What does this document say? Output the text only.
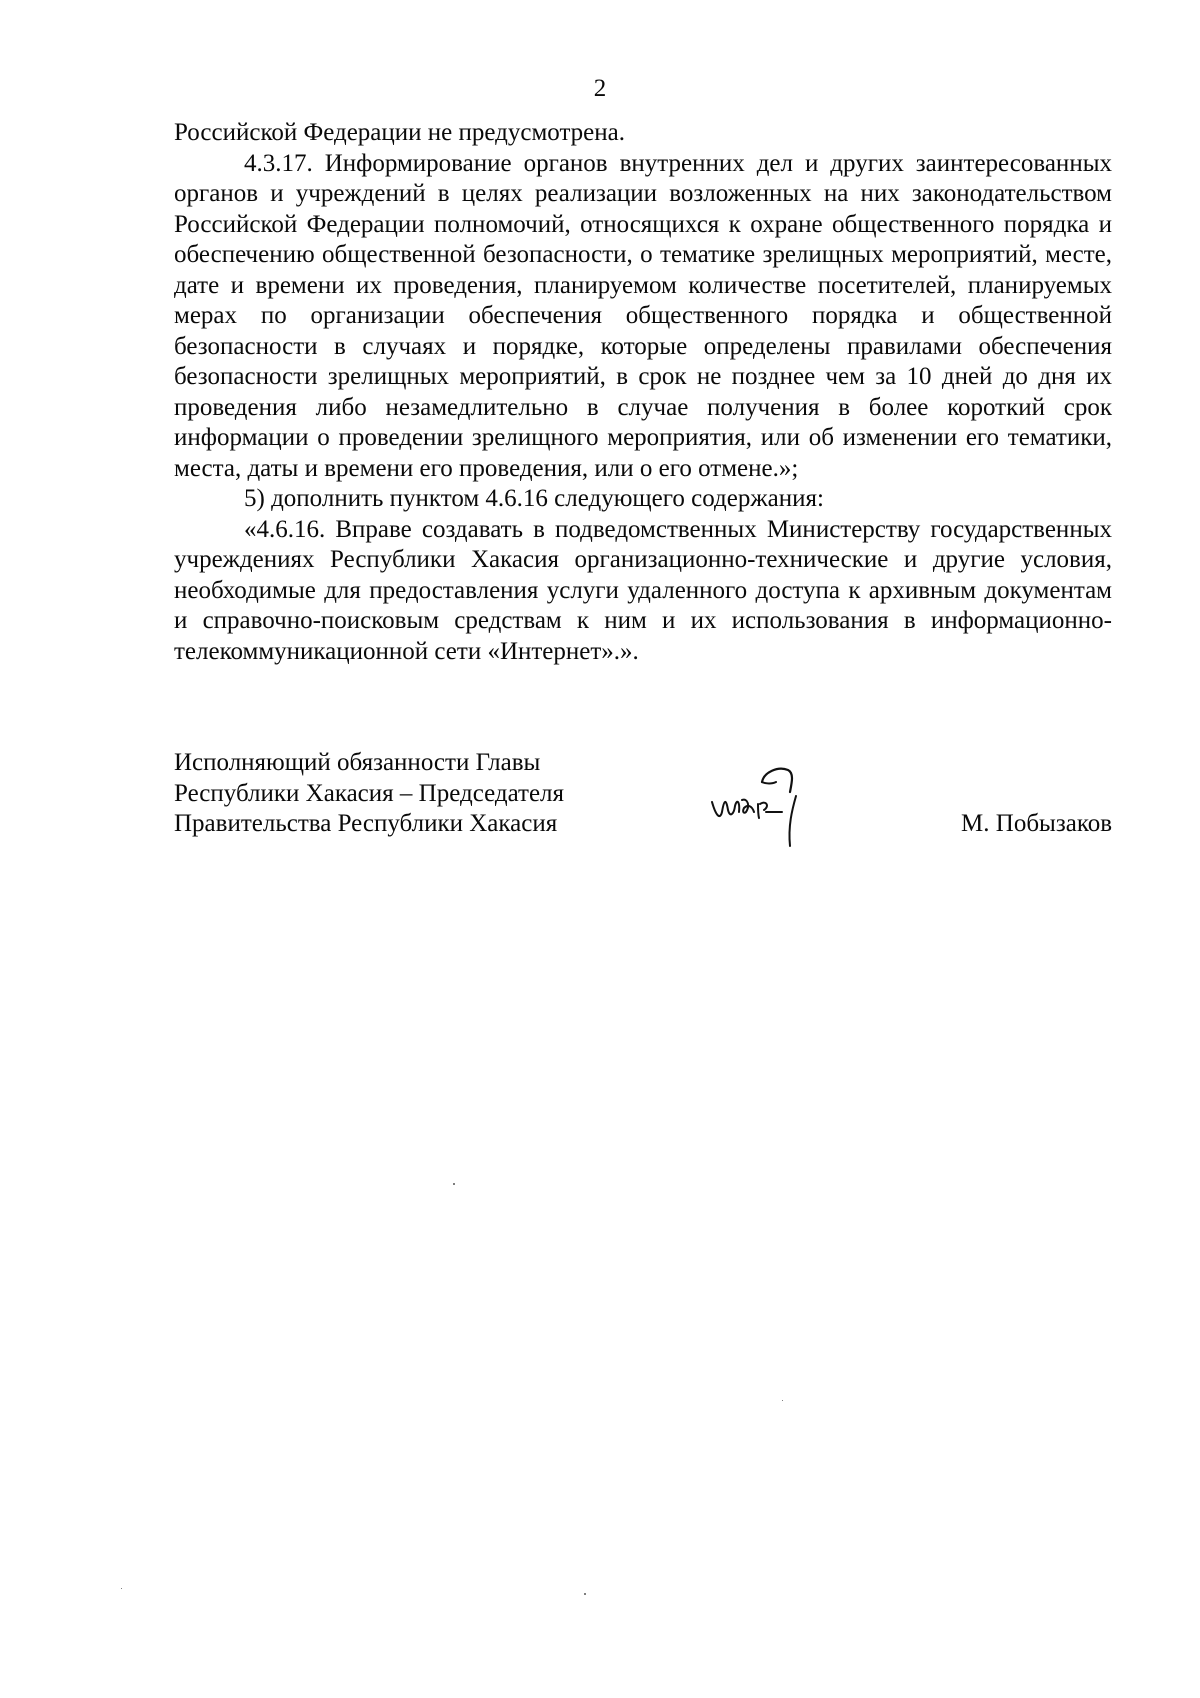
2

Российской Федерации не предусмотрена.

4.3.17. Информирование органов внутренних дел и других заинтересованных органов и учреждений в целях реализации возложенных на них законодательством Российской Федерации полномочий, относящихся к охране общественного порядка и обеспечению общественной безопасности, о тематике зрелищных мероприятий, месте, дате и времени их проведения, планируемом количестве посетителей, планируемых мерах по организации обеспечения общественного порядка и общественной безопасности в случаях и порядке, которые определены правилами обеспечения безопасности зрелищных мероприятий, в срок не позднее чем за 10 дней до дня их проведения либо незамедлительно в случае получения в более короткий срок информации о проведении зрелищного мероприятия, или об изменении его тематики, места, даты и времени его проведения, или о его отмене.»;

5) дополнить пунктом 4.6.16 следующего содержания:

«4.6.16. Вправе создавать в подведомственных Министерству государственных учреждениях Республики Хакасия организационно-технические и другие условия, необходимые для предоставления услуги удаленного доступа к архивным документам и справочно-поисковым средствам к ним и их использования в информационно-телекоммуникационной сети «Интернет».».

Исполняющий обязанности Главы
Республики Хакасия – Председателя
Правительства Республики Хакасия	М. Побызаков
